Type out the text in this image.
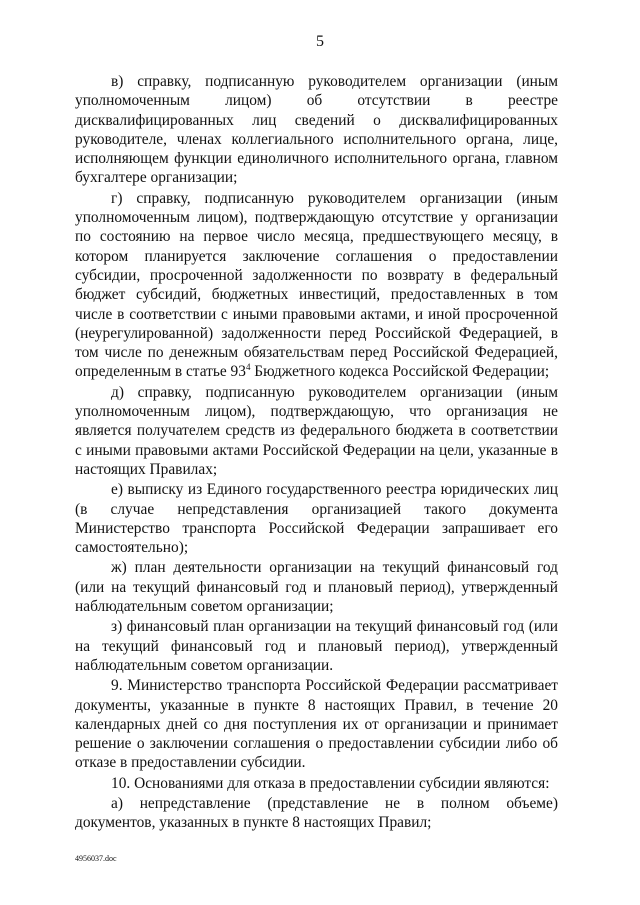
5

в) справку, подписанную руководителем организации (иным уполномоченным лицом) об отсутствии в реестре дисквалифицированных лиц сведений о дисквалифицированных руководителе, членах коллегиального исполнительного органа, лице, исполняющем функции единоличного исполнительного органа, главном бухгалтере организации;

г) справку, подписанную руководителем организации (иным уполномоченным лицом), подтверждающую отсутствие у организации по состоянию на первое число месяца, предшествующего месяцу, в котором планируется заключение соглашения о предоставлении субсидии, просроченной задолженности по возврату в федеральный бюджет субсидий, бюджетных инвестиций, предоставленных в том числе в соответствии с иными правовыми актами, и иной просроченной (неурегулированной) задолженности перед Российской Федерацией, в том числе по денежным обязательствам перед Российской Федерацией, определенным в статье $93^4$ Бюджетного кодекса Российской Федерации;

д) справку, подписанную руководителем организации (иным уполномоченным лицом), подтверждающую, что организация не является получателем средств из федерального бюджета в соответствии с иными правовыми актами Российской Федерации на цели, указанные в настоящих Правилах;

е) выписку из Единого государственного реестра юридических лиц (в случае непредставления организацией такого документа Министерство транспорта Российской Федерации запрашивает его самостоятельно);

ж) план деятельности организации на текущий финансовый год (или на текущий финансовый год и плановый период), утвержденный наблюдательным советом организации;

з) финансовый план организации на текущий финансовый год (или на текущий финансовый год и плановый период), утвержденный наблюдательным советом организации.

9. Министерство транспорта Российской Федерации рассматривает документы, указанные в пункте 8 настоящих Правил, в течение 20 календарных дней со дня поступления их от организации и принимает решение о заключении соглашения о предоставлении субсидии либо об отказе в предоставлении субсидии.

10. Основаниями для отказа в предоставлении субсидии являются:

а) непредставление (представление не в полном объеме) документов, указанных в пункте 8 настоящих Правил;

4956037.doc
